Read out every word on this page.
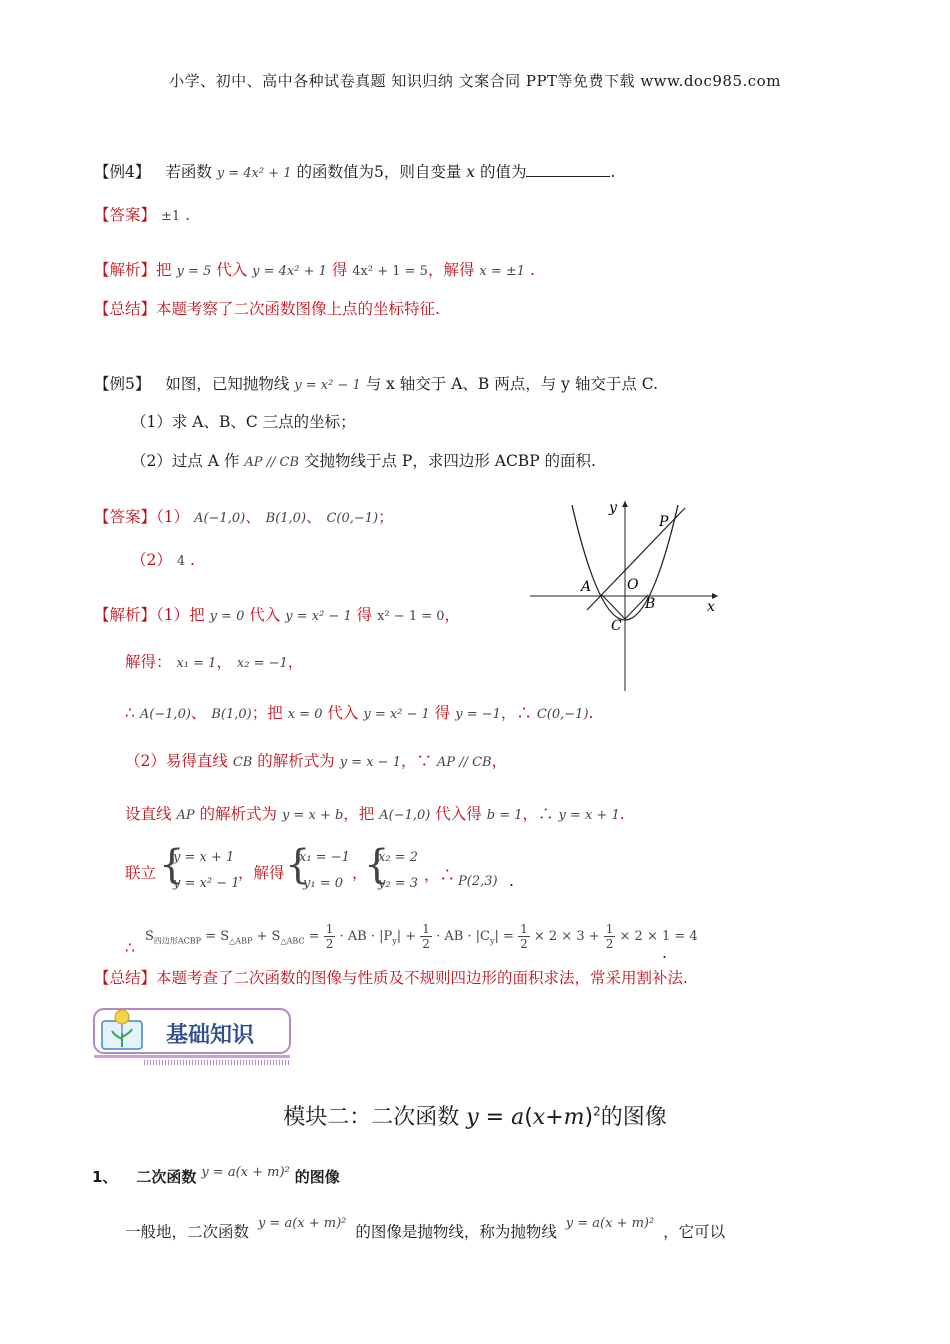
小学、初中、高中各种试卷真题 知识归纳 文案合同 PPT等免费下载 www.doc985.com
【例4】 若函数 y = 4x² + 1 的函数值为5，则自变量 x 的值为	.
【答案】 ±1 .
【解析】把 y = 5 代入 y = 4x² + 1 得 4x² + 1 = 5，解得 x = ±1 .
【总结】本题考察了二次函数图像上点的坐标特征.
【例5】 如图，已知抛物线 y = x² − 1 与 x 轴交于 A、B 两点，与 y 轴交于点 C.
（1）求 A、B、C 三点的坐标；
（2）过点 A 作 AP // CB 交抛物线于点 P，求四边形 ACBP 的面积.
【答案】（1） A(−1,0)、 B(1,0)、 C(0,−1)；
（2） 4 .
y
x
P
A	O
B
C
【解析】（1）把 y = 0 代入 y = x² − 1 得 x² − 1 = 0，
解得： x₁ = 1， x₂ = −1，
∴ A(−1,0)、 B(1,0)；把 x = 0 代入 y = x² − 1 得 y = −1，∴ C(0,−1).
（2）易得直线 CB 的解析式为 y = x − 1，∵ AP // CB，
设直线 AP 的解析式为 y = x + b，把 A(−1,0) 代入得 b = 1，∴ y = x + 1.
联立 {
y = x + 1
y = x² − 1
，解得 {
x₁ = −1
y₁ = 0
，
{
x₂ = 2
y₂ = 3 ，∴ P(2,3) .
∴
$S_{四边形ACBP} = S_{\triangle ABP} + S_{\triangle ABC} = \frac{1}{2}$ · AB · $|P_y| + \frac{1}{2}$ · AB · $|C_y| = \frac{1}{2} \times 2 \times 3 + \frac{1}{2} \times 2 \times 1 = 4$
.
【总结】本题考查了二次函数的图像与性质及不规则四边形的面积求法，常采用割补法.
基础知识
模块二：二次函数 $y = a(x+m)^2$的图像
1、 二次函数 $^{y = a(x + m)^2}$ 的图像
一般地，二次函数 $^{y = a(x + m)^2}$ 的图像是抛物线，称为抛物线 $^{y = a(x + m)^2}$ ，它可以
